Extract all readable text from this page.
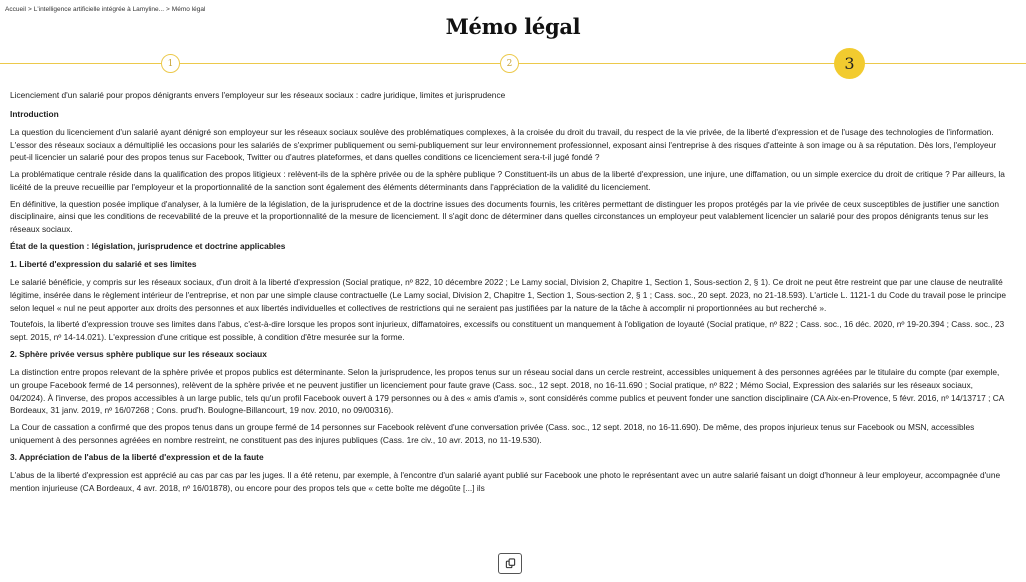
Accueil > L'intelligence artificielle intégrée à Lamyline... > Mémo légal
Mémo légal
1	2	3

Licenciement d'un salarié pour propos dénigrants envers l'employeur sur les réseaux sociaux : cadre juridique, limites et jurisprudence

Introduction

La question du licenciement d'un salarié ayant dénigré son employeur sur les réseaux sociaux soulève des problématiques complexes, à la croisée du droit du travail, du respect de la vie privée, de la liberté d'expression et de l'usage des technologies de l'information. L'essor des réseaux sociaux a démultiplié les occasions pour les salariés de s'exprimer publiquement ou semi-publiquement sur leur environnement professionnel, exposant ainsi l'entreprise à des risques d'atteinte à son image ou à sa réputation. Dès lors, l'employeur peut-il licencier un salarié pour des propos tenus sur Facebook, Twitter ou d'autres plateformes, et dans quelles conditions ce licenciement sera-t-il jugé fondé ?

La problématique centrale réside dans la qualification des propos litigieux : relèvent-ils de la sphère privée ou de la sphère publique ? Constituent-ils un abus de la liberté d'expression, une injure, une diffamation, ou un simple exercice du droit de critique ? Par ailleurs, la licéité de la preuve recueillie par l'employeur et la proportionnalité de la sanction sont également des éléments déterminants dans l'appréciation de la validité du licenciement.

En définitive, la question posée implique d'analyser, à la lumière de la législation, de la jurisprudence et de la doctrine issues des documents fournis, les critères permettant de distinguer les propos protégés par la vie privée de ceux susceptibles de justifier une sanction disciplinaire, ainsi que les conditions de recevabilité de la preuve et la proportionnalité de la mesure de licenciement. Il s'agit donc de déterminer dans quelles circonstances un employeur peut valablement licencier un salarié pour des propos dénigrants tenus sur les réseaux sociaux.

État de la question : législation, jurisprudence et doctrine applicables
1. Liberté d'expression du salarié et ses limites

Le salarié bénéficie, y compris sur les réseaux sociaux, d'un droit à la liberté d'expression (Social pratique, nº 822, 10 décembre 2022 ; Le Lamy social, Division 2, Chapitre 1, Section 1, Sous-section 2, § 1). Ce droit ne peut être restreint que par une clause de neutralité légitime, insérée dans le règlement intérieur de l'entreprise, et non par une simple clause contractuelle (Le Lamy social, Division 2, Chapitre 1, Section 1, Sous-section 2, § 1 ; Cass. soc., 20 sept. 2023, no 21-18.593). L'article L. 1121-1 du Code du travail pose le principe selon lequel « nul ne peut apporter aux droits des personnes et aux libertés individuelles et collectives de restrictions qui ne seraient pas justifiées par la nature de la tâche à accomplir ni proportionnées au but recherché ».

Toutefois, la liberté d'expression trouve ses limites dans l'abus, c'est-à-dire lorsque les propos sont injurieux, diffamatoires, excessifs ou constituent un manquement à l'obligation de loyauté (Social pratique, nº 822 ; Cass. soc., 16 déc. 2020, nº 19-20.394 ; Cass. soc., 23 sept. 2015, nº 14-14.021). L'expression d'une critique est possible, à condition d'être mesurée sur la forme.

2. Sphère privée versus sphère publique sur les réseaux sociaux

La distinction entre propos relevant de la sphère privée et propos publics est déterminante. Selon la jurisprudence, les propos tenus sur un réseau social dans un cercle restreint, accessibles uniquement à des personnes agréées par le titulaire du compte (par exemple, un groupe Facebook fermé de 14 personnes), relèvent de la sphère privée et ne peuvent justifier un licenciement pour faute grave (Cass. soc., 12 sept. 2018, no 16-11.690 ; Social pratique, nº 822 ; Mémo Social, Expression des salariés sur les réseaux sociaux, 04/2024). À l'inverse, des propos accessibles à un large public, tels qu'un profil Facebook ouvert à 179 personnes ou à des « amis d'amis », sont considérés comme publics et peuvent fonder une sanction disciplinaire (CA Aix-en-Provence, 5 févr. 2016, nº 14/13717 ; CA Bordeaux, 31 janv. 2019, nº 16/07268 ; Cons. prud'h. Boulogne-Billancourt, 19 nov. 2010, no 09/00316).

La Cour de cassation a confirmé que des propos tenus dans un groupe fermé de 14 personnes sur Facebook relèvent d'une conversation privée (Cass. soc., 12 sept. 2018, no 16-11.690). De même, des propos injurieux tenus sur Facebook ou MSN, accessibles uniquement à des personnes agréées en nombre restreint, ne constituent pas des injures publiques (Cass. 1re civ., 10 avr. 2013, no 11-19.530).

3. Appréciation de l'abus de la liberté d'expression et de la faute

L'abus de la liberté d'expression est apprécié au cas par cas par les juges. Il a été retenu, par exemple, à l'encontre d'un salarié ayant publié sur Facebook une photo le représentant avec un autre salarié faisant un doigt d'honneur à leur employeur, accompagnée d'une mention injurieuse (CA Bordeaux, 4 avr. 2018, nº 16/01878), ou encore pour des propos tels que « cette boîte me dégoûte [...] ils
